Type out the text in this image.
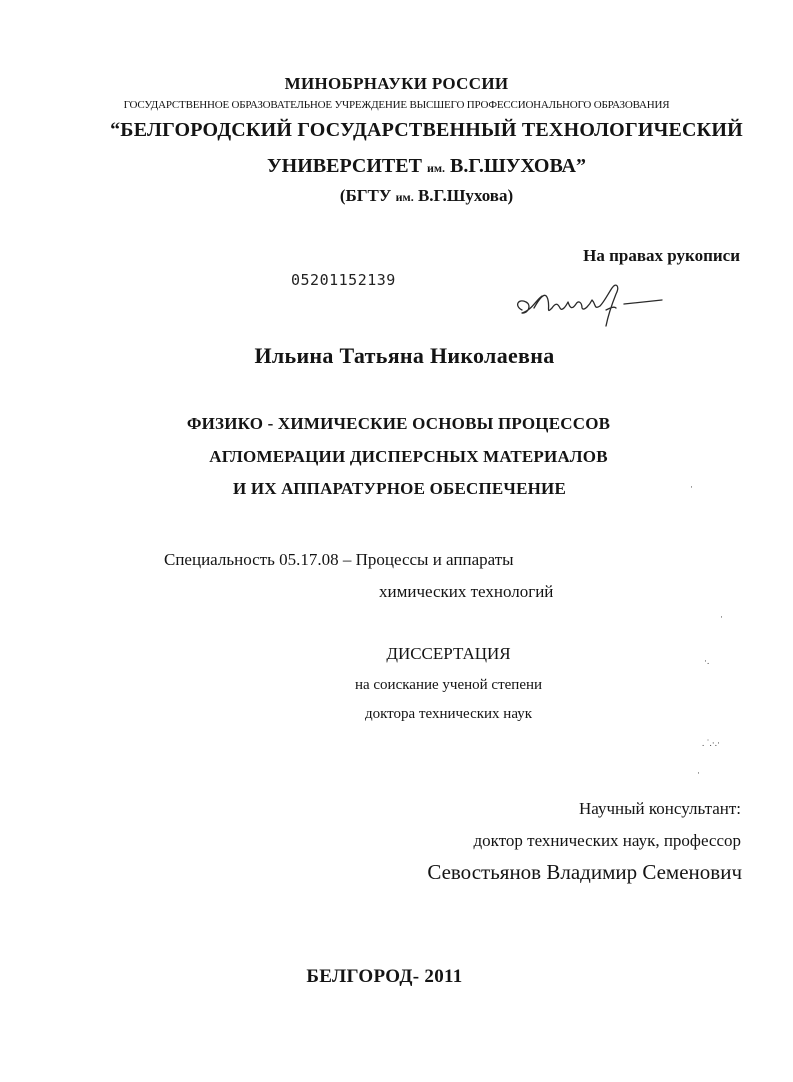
МИНОБРНАУКИ РОССИИ
ГОСУДАРСТВЕННОЕ ОБРАЗОВАТЕЛЬНОЕ УЧРЕЖДЕНИЕ ВЫСШЕГО ПРОФЕССИОНАЛЬНОГО ОБРАЗОВАНИЯ
“БЕЛГОРОДСКИЙ ГОСУДАРСТВЕННЫЙ ТЕХНОЛОГИЧЕСКИЙ
УНИВЕРСИТЕТ им. В.Г.ШУХОВА”
(БГТУ им. В.Г.Шухова)
На правах рукописи
05201152139
Ильина Татьяна Николаевна
ФИЗИКО - ХИМИЧЕСКИЕ ОСНОВЫ ПРОЦЕССОВ
АГЛОМЕРАЦИИ ДИСПЕРСНЫХ МАТЕРИАЛОВ
И ИХ АППАРАТУРНОЕ ОБЕСПЕЧЕНИЕ
Специальность 05.17.08 – Процессы и аппараты
химических технологий
ДИССЕРТАЦИЯ
на соискание ученой степени
доктора технических наук
Научный консультант:
доктор технических наук, профессор
Севостьянов Владимир Семенович
БЕЛГОРОД- 2011
·
·
·.
. ˙.·.·
·
